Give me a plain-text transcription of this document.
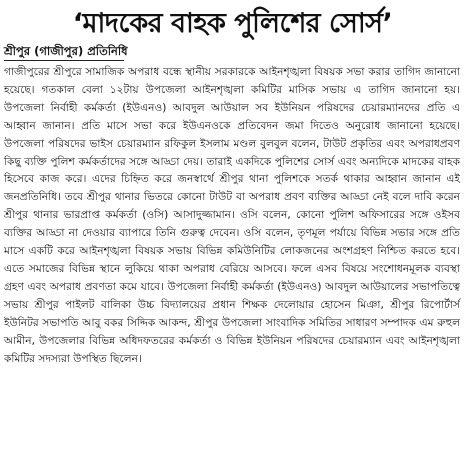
‘মাদকের বাহক পুলিশের সোর্স’
শ্রীপুর (গাজীপুর) প্রতিনিধি

গাজীপুরের শ্রীপুরে সামাজিক অপরাধ বন্ধে স্থানীয় সরকারকে আইনশৃঙ্খলা বিষয়ক সভা করার তাগিদ জানানো হয়েছে। গতকাল বেলা ১২টায় উপজেলা আইনশৃঙ্খলা কমিটির মাসিক সভায় এ তাগিদ জানানো হয়। উপজেলা নির্বাহী কর্মকর্তা (ইউএনও) আবদুল আউয়াল সব ইউনিয়ন পরিষদের চেয়ারম্যানদের প্রতি এ আহ্বান জানান। প্রতি মাসে সভা করে ইউএনওকে প্রতিবেদন জমা দিতেও অনুরোধ জানানো হয়েছে। উপজেলা পরিষদের ভাইস চেয়ারম্যান রফিকুল ইসলাম মণ্ডল বুলবুল বলেন, টাউট প্রকৃতির এবং অপরাধপ্রবণ কিছু ব্যক্তি পুলিশ কর্মকর্তাদের সঙ্গে আড্ডা দেয়। তারাই একদিকে পুলিশের সোর্স এবং অন্যদিকে মাদকের বাহক হিসেবে কাজ করে। এদের চিহ্নিত করে জনস্বার্থে শ্রীপুর থানা পুলিশকে সতর্ক থাকার আহ্বান জানান এই জনপ্রতিনিধি। তবে শ্রীপুর থানার ভিতরে কোনো টাউট বা অপরাধ প্রবণ ব্যক্তির আড্ডা নেই বলে দাবি করেন শ্রীপুর থানার ভারপ্রাপ্ত কর্মকর্তা (ওসি) আসাদুজ্জামান। ওসি বলেন, কোনো পুলিশ অফিসারের সঙ্গে ওইসব ব্যক্তির আড্ডা না দেওয়ার ব্যাপারে তিনি গুরুত্ব দেবেন। ওসি বলেন, তৃণমূল পর্যায়ে বিভিন্ন সভার সঙ্গে প্রতি মাসে একটি করে আইনশৃঙ্খলা বিষয়ক সভায় বিভিন্ন কমিউনিটির লোকজনের অংশগ্রহণ নিশ্চিত করতে হবে। এতে সমাজের বিভিন্ন স্থানে লুকিয়ে থাকা অপরাধ বেরিয়ে আসবে। ফলে এসব বিষয়ে সংশোধনমূলক ব্যবস্থা গ্রহণ এবং অপরাধ প্রবণতা কমে যাবে। উপজেলা নির্বাহী কর্মকর্তা (ইউএনও) আবদুল আউয়ালের সভাপতিত্বে সভায় শ্রীপুর পাইলট বালিকা উচ্চ বিদ্যালয়ের প্রধান শিক্ষক দেলোয়ার হোসেন মিঞা, শ্রীপুর রিপোর্টার্স ইউনিটর সভাপতি আবু বকর সিদ্দিক আকন্দ, শ্রীপুর উপজেলা সাংবাদিক সমিতির সাধারণ সম্পাদক এম রুহুল আমীন, উপজেলার বিভিন্ন অধিদফতরের কর্মকর্তা ও বিভিন্ন ইউনিয়ন পরিষদের চেয়ারম্যান এবং আইনশৃঙ্খলা কমিটির সদস্যরা উপস্থিত ছিলেন।
